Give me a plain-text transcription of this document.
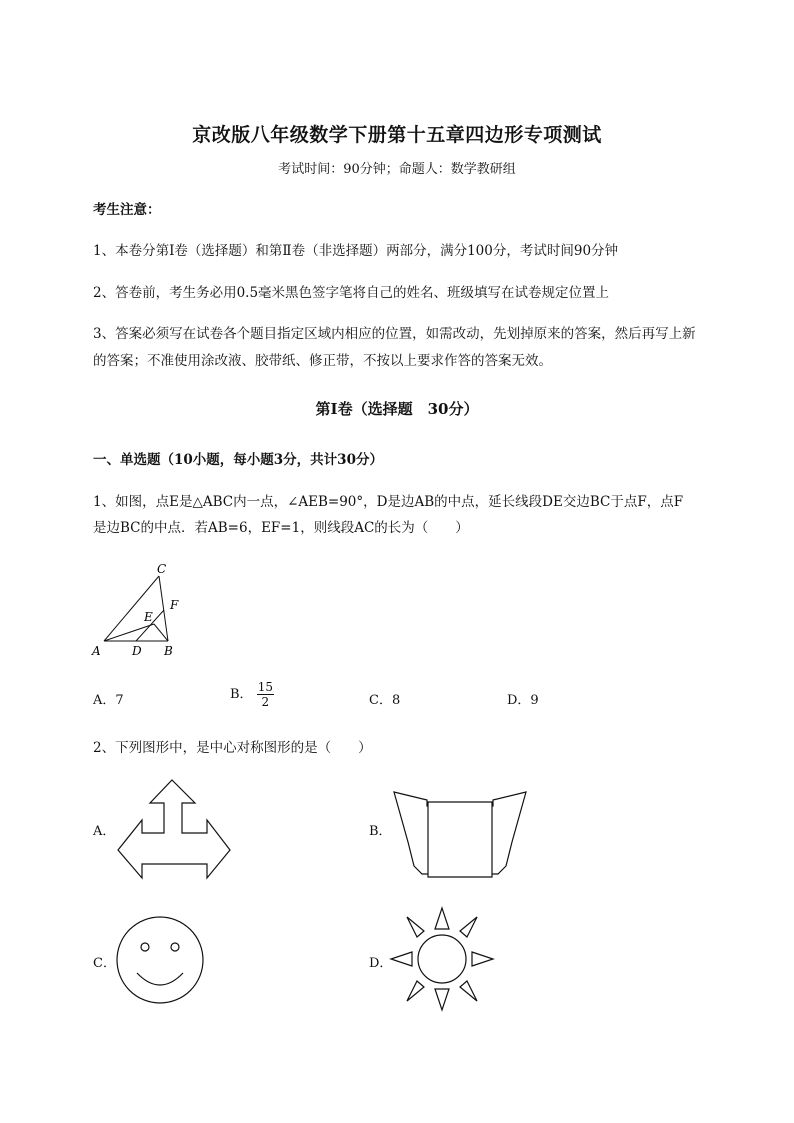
京改版八年级数学下册第十五章四边形专项测试
考试时间：90分钟；命题人：数学教研组
考生注意：
1、本卷分第I卷（选择题）和第Ⅱ卷（非选择题）两部分，满分100分，考试时间90分钟
2、答卷前，考生务必用0.5毫米黑色签字笔将自己的姓名、班级填写在试卷规定位置上
3、答案必须写在试卷各个题目指定区域内相应的位置，如需改动，先划掉原来的答案，然后再写上新
的答案；不准使用涂改液、胶带纸、修正带，不按以上要求作答的答案无效。
第I卷（选择题　30分）
一、单选题（10小题，每小题3分，共计30分）
1、如图，点E是△ABC内一点，∠AEB=90°，D是边AB的中点，延长线段DE交边BC于点F，点F
是边BC的中点．若AB=6，EF=1，则线段AC的长为（　　）
A	D B
C
E
F
A．7	B． $\frac{15}{2}$	C．8	D．9
2、下列图形中，是中心对称图形的是（　　）
A．	B．
C．	D．
